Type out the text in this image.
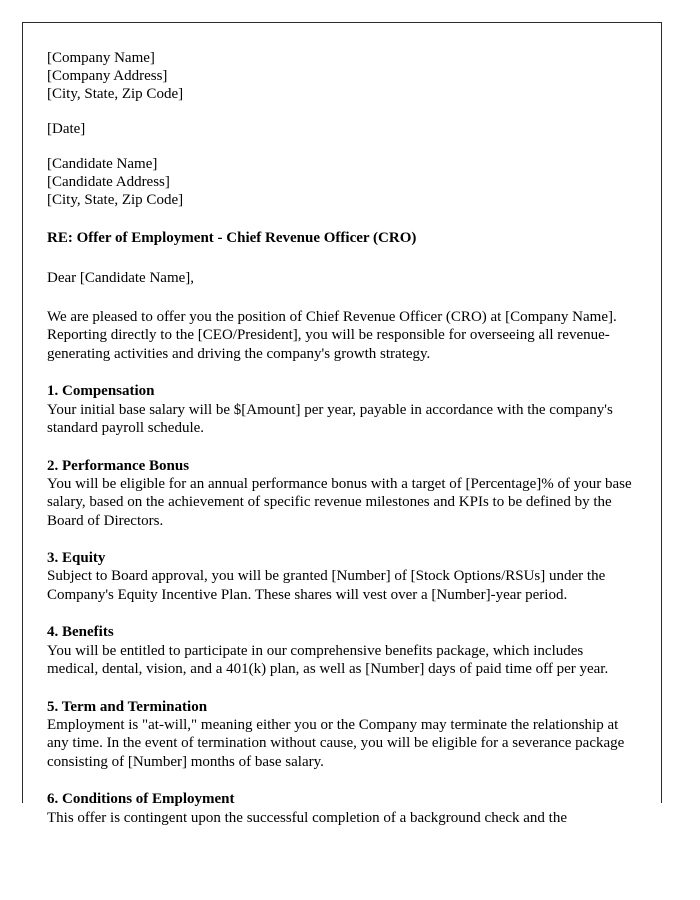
[Company Name]
[Company Address]
[City, State, Zip Code]
[Date]
[Candidate Name]
[Candidate Address]
[City, State, Zip Code]
RE: Offer of Employment - Chief Revenue Officer (CRO)
Dear [Candidate Name],
We are pleased to offer you the position of Chief Revenue Officer (CRO) at [Company Name]. Reporting directly to the [CEO/President], you will be responsible for overseeing all revenue-generating activities and driving the company's growth strategy.
1. Compensation
Your initial base salary will be $[Amount] per year, payable in accordance with the company's standard payroll schedule.
2. Performance Bonus
You will be eligible for an annual performance bonus with a target of [Percentage]% of your base salary, based on the achievement of specific revenue milestones and KPIs to be defined by the Board of Directors.
3. Equity
Subject to Board approval, you will be granted [Number] of [Stock Options/RSUs] under the Company's Equity Incentive Plan. These shares will vest over a [Number]-year period.
4. Benefits
You will be entitled to participate in our comprehensive benefits package, which includes medical, dental, vision, and a 401(k) plan, as well as [Number] days of paid time off per year.
5. Term and Termination
Employment is "at-will," meaning either you or the Company may terminate the relationship at any time. In the event of termination without cause, you will be eligible for a severance package consisting of [Number] months of base salary.
6. Conditions of Employment
This offer is contingent upon the successful completion of a background check and the
